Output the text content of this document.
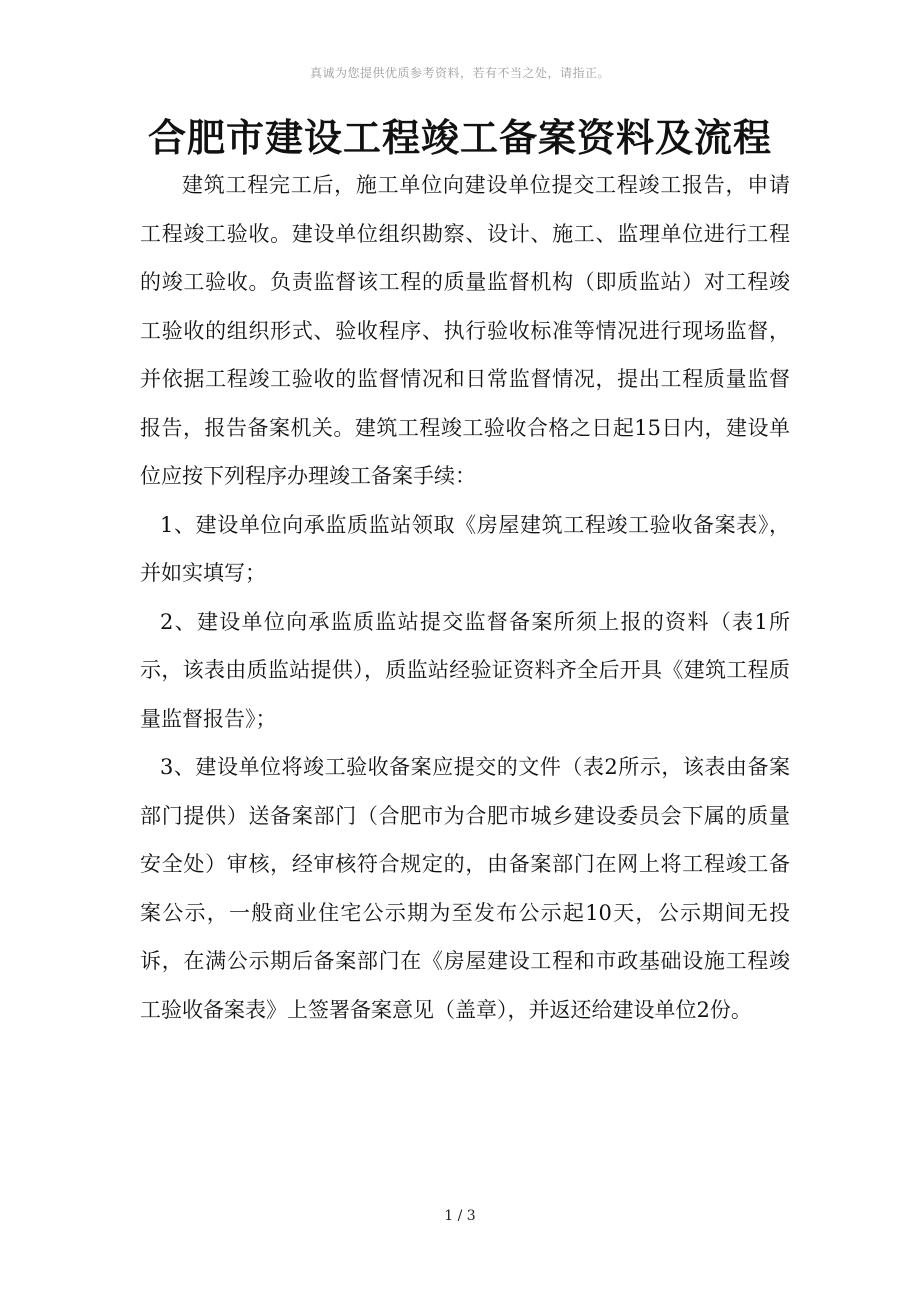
真诚为您提供优质参考资料，若有不当之处，请指正。
合肥市建设工程竣工备案资料及流程

建筑工程完工后，施工单位向建设单位提交工程竣工报告，申请工程竣工验收。建设单位组织勘察、设计、施工、监理单位进行工程的竣工验收。负责监督该工程的质量监督机构（即质监站）对工程竣工验收的组织形式、验收程序、执行验收标准等情况进行现场监督，并依据工程竣工验收的监督情况和日常监督情况，提出工程质量监督报告，报告备案机关。建筑工程竣工验收合格之日起15日内，建设单位应按下列程序办理竣工备案手续：

1、建设单位向承监质监站领取《房屋建筑工程竣工验收备案表》，并如实填写；

2、建设单位向承监质监站提交监督备案所须上报的资料（表1所示，该表由质监站提供），质监站经验证资料齐全后开具《建筑工程质量监督报告》；

3、建设单位将竣工验收备案应提交的文件（表2所示，该表由备案部门提供）送备案部门（合肥市为合肥市城乡建设委员会下属的质量安全处）审核，经审核符合规定的，由备案部门在网上将工程竣工备案公示，一般商业住宅公示期为至发布公示起10天，公示期间无投诉，在满公示期后备案部门在《房屋建设工程和市政基础设施工程竣工验收备案表》上签署备案意见（盖章），并返还给建设单位2份。

1 / 3
